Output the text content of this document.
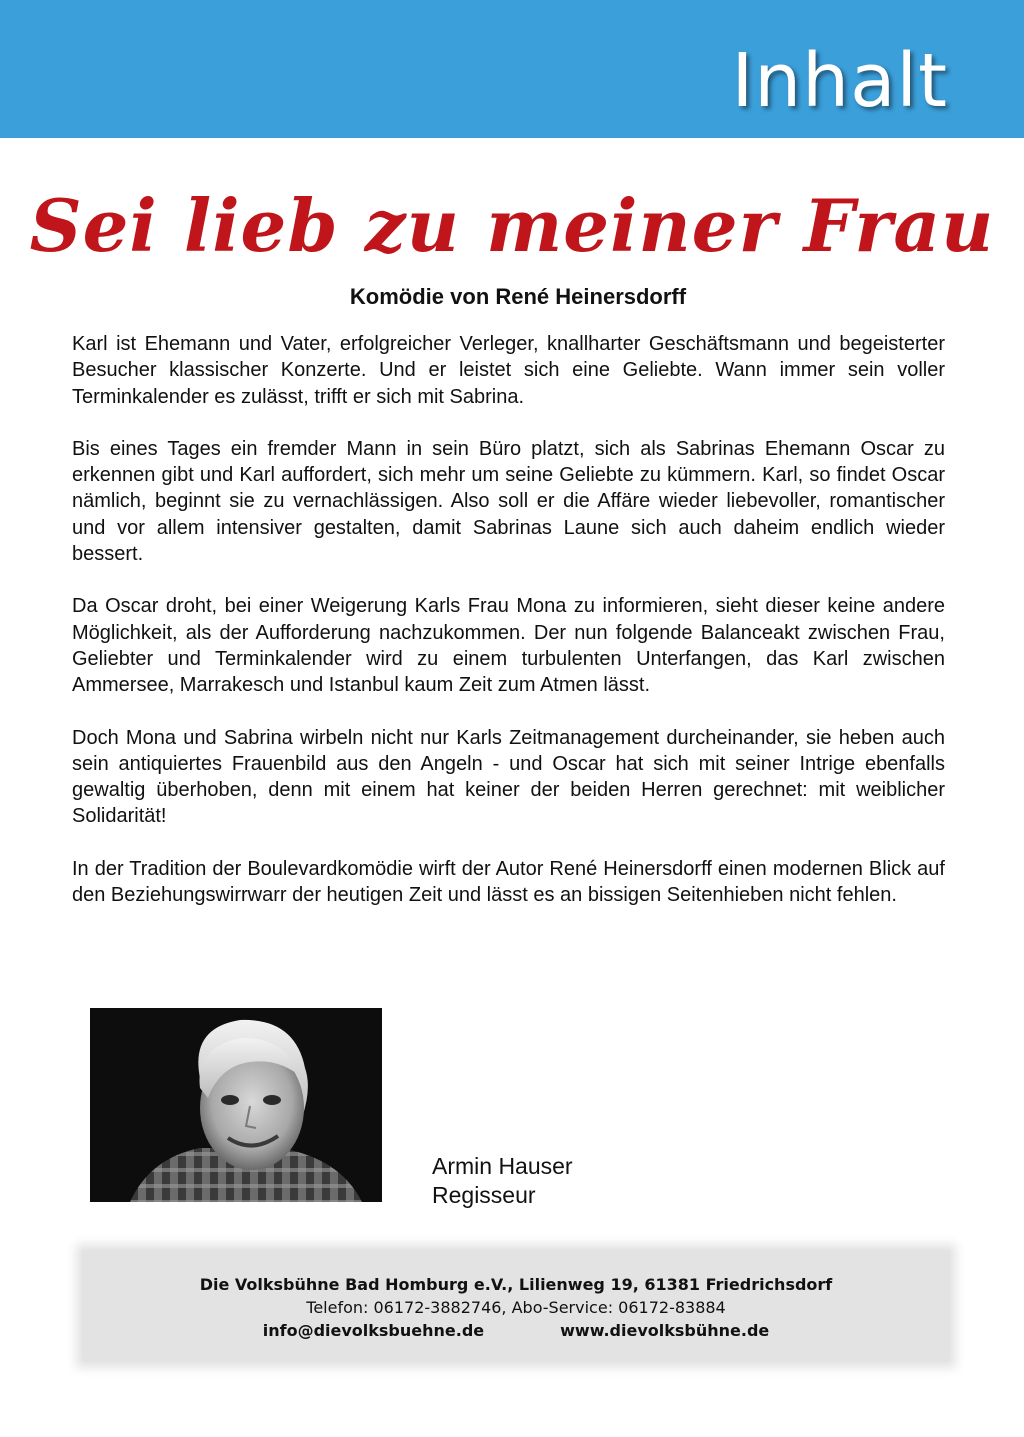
Inhalt
Sei lieb zu meiner Frau
Komödie von René Heinersdorff

Karl ist Ehemann und Vater, erfolgreicher Verleger, knallharter Geschäftsmann und begeisterter Besucher klassischer Konzerte. Und er leistet sich eine Geliebte. Wann immer sein voller Terminkalender es zulässt, trifft er sich mit Sabrina.

Bis eines Tages ein fremder Mann in sein Büro platzt, sich als Sabrinas Ehemann Oscar zu erkennen gibt und Karl auffordert, sich mehr um seine Geliebte zu kümmern. Karl, so findet Oscar nämlich, beginnt sie zu vernachlässigen. Also soll er die Affäre wieder liebevoller, romantischer und vor allem intensiver gestalten, damit Sabrinas Laune sich auch daheim endlich wieder bessert.

Da Oscar droht, bei einer Weigerung Karls Frau Mona zu informieren, sieht dieser keine andere Möglichkeit, als der Aufforderung nachzukommen. Der nun folgende Balanceakt zwischen Frau, Geliebter und Terminkalender wird zu einem turbulenten Unterfangen, das Karl zwischen Ammersee, Marrakesch und Istanbul kaum Zeit zum Atmen lässt.

Doch Mona und Sabrina wirbeln nicht nur Karls Zeitmanagement durcheinander, sie heben auch sein antiquiertes Frauenbild aus den Angeln - und Oscar hat sich mit seiner Intrige ebenfalls gewaltig überhoben, denn mit einem hat keiner der beiden Herren gerechnet: mit weiblicher Solidarität!

In der Tradition der Boulevardkomödie wirft der Autor René Heinersdorff einen modernen Blick auf den Beziehungswirrwarr der heutigen Zeit und lässt es an bissigen Seitenhieben nicht fehlen.

Armin Hauser
Regisseur
Die Volksbühne Bad Homburg e.V., Lilienweg 19, 61381 Friedrichsdorf
Telefon: 06172-3882746, Abo-Service: 06172-83884
info@dievolksbuehne.de	www.dievolksbühne.de
